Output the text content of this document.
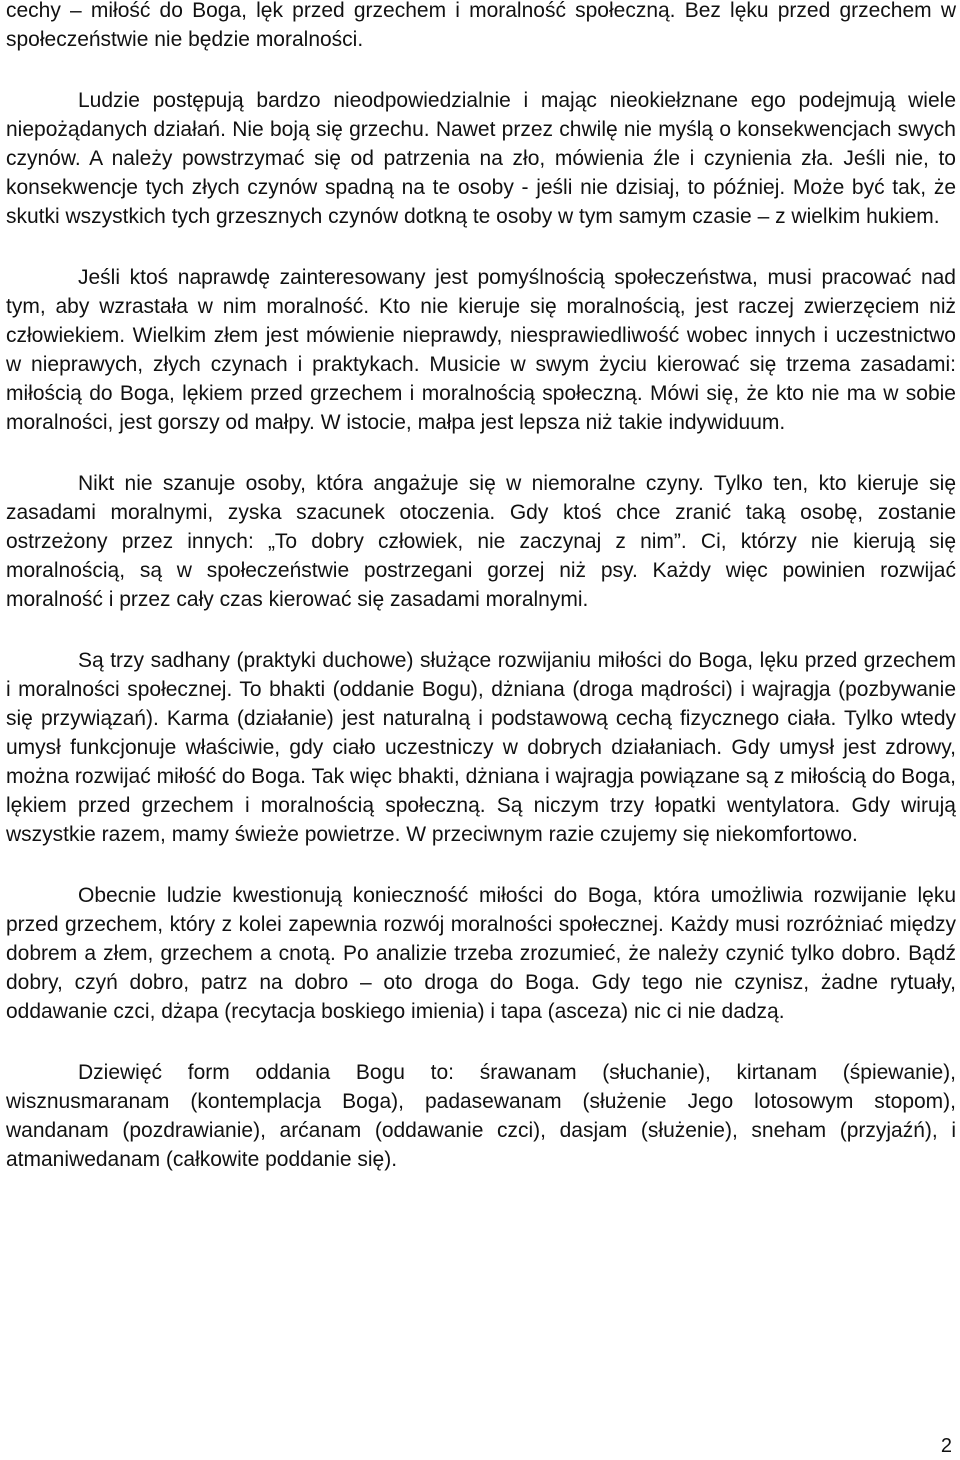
cechy – miłość do Boga, lęk przed grzechem i moralność społeczną. Bez lęku przed grzechem w społeczeństwie nie będzie moralności.

Ludzie postępują bardzo nieodpowiedzialnie i mając nieokiełznane ego podejmują wiele niepożądanych działań. Nie boją się grzechu. Nawet przez chwilę nie myślą o konsekwencjach swych czynów. A należy powstrzymać się od patrzenia na zło, mówienia źle i czynienia zła. Jeśli nie, to konsekwencje tych złych czynów spadną na te osoby - jeśli nie dzisiaj, to później. Może być tak, że skutki wszystkich tych grzesznych czynów dotkną te osoby w tym samym czasie – z wielkim hukiem.

Jeśli ktoś naprawdę zainteresowany jest pomyślnością społeczeństwa, musi pracować nad tym, aby wzrastała w nim moralność. Kto nie kieruje się moralnością, jest raczej zwierzęciem niż człowiekiem. Wielkim złem jest mówienie nieprawdy, niesprawiedliwość wobec innych i uczestnictwo w nieprawych, złych czynach i praktykach. Musicie w swym życiu kierować się trzema zasadami: miłością do Boga, lękiem przed grzechem i moralnością społeczną. Mówi się, że kto nie ma w sobie moralności, jest gorszy od małpy. W istocie, małpa jest lepsza niż takie indywiduum.

Nikt nie szanuje osoby, która angażuje się w niemoralne czyny. Tylko ten, kto kieruje się zasadami moralnymi, zyska szacunek otoczenia. Gdy ktoś chce zranić taką osobę, zostanie ostrzeżony przez innych: „To dobry człowiek, nie zaczynaj z nim”. Ci, którzy nie kierują się moralnością, są w społeczeństwie postrzegani gorzej niż psy. Każdy więc powinien rozwijać moralność i przez cały czas kierować się zasadami moralnymi.

Są trzy sadhany (praktyki duchowe) służące rozwijaniu miłości do Boga, lęku przed grzechem i moralności społecznej. To bhakti (oddanie Bogu), dżniana (droga mądrości) i wajragja (pozbywanie się przywiązań). Karma (działanie) jest naturalną i podstawową cechą fizycznego ciała. Tylko wtedy umysł funkcjonuje właściwie, gdy ciało uczestniczy w dobrych działaniach. Gdy umysł jest zdrowy, można rozwijać miłość do Boga. Tak więc bhakti, dżniana i wajragja powiązane są z miłością do Boga, lękiem przed grzechem i moralnością społeczną. Są niczym trzy łopatki wentylatora. Gdy wirują wszystkie razem, mamy świeże powietrze. W przeciwnym razie czujemy się niekomfortowo.

Obecnie ludzie kwestionują konieczność miłości do Boga, która umożliwia rozwijanie lęku przed grzechem, który z kolei zapewnia rozwój moralności społecznej. Każdy musi rozróżniać między dobrem a złem, grzechem a cnotą. Po analizie trzeba zrozumieć, że należy czynić tylko dobro. Bądź dobry, czyń dobro, patrz na dobro – oto droga do Boga. Gdy tego nie czynisz, żadne rytuały, oddawanie czci, dżapa (recytacja boskiego imienia) i tapa (asceza) nic ci nie dadzą.

Dziewięć form oddania Bogu to: śrawanam (słuchanie), kirtanam (śpiewanie), wisznusmaranam (kontemplacja Boga), padasewanam (służenie Jego lotosowym stopom), wandanam (pozdrawianie), arćanam (oddawanie czci), dasjam (służenie), sneham (przyjaźń), i atmaniwedanam (całkowite poddanie się).

2
